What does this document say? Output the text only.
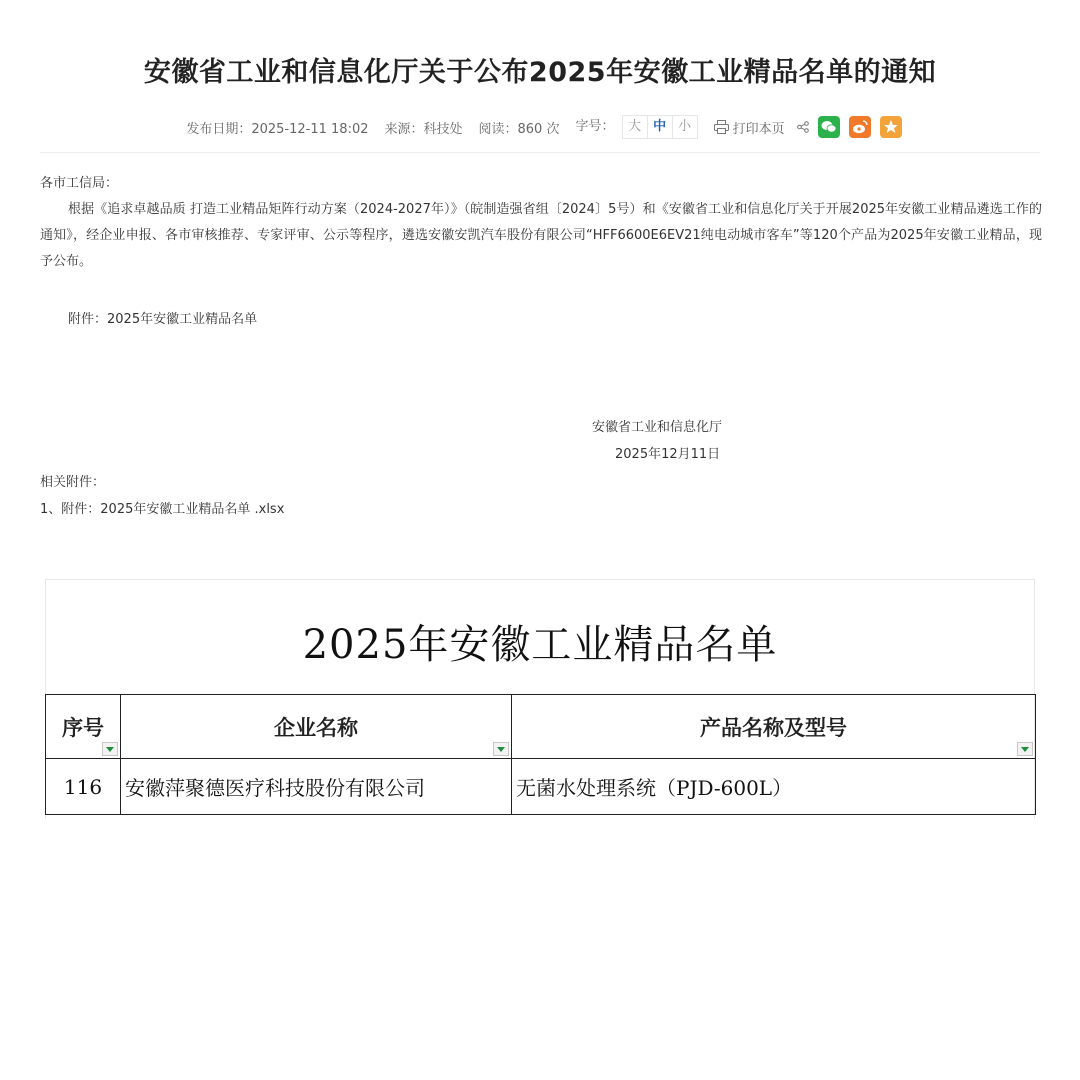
安徽省工业和信息化厅关于公布2025年安徽工业精品名单的通知
发布日期：2025-12-11 18:02 来源：科技处 阅读：860 次 字号：	大 中 小	打印本页
各市工信局：
根据《追求卓越品质 打造工业精品矩阵行动方案（2024-2027年）》（皖制造强省组〔2024〕5号）和《安徽省工业和信息化厅关于开展2025年安徽工业精品遴选工作的通知》，经企业申报、各市审核推荐、专家评审、公示等程序，遴选安徽安凯汽车股份有限公司“HFF6600E6EV21纯电动城市客车”等120个产品为2025年安徽工业精品，现予公布。
附件：2025年安徽工业精品名单
安徽省工业和信息化厅
2025年12月11日
相关附件：
1、附件：2025年安徽工业精品名单 .xlsx
2025年安徽工业精品名单
序号	企业名称	产品名称及型号

116	安徽萍聚德医疗科技股份有限公司	无菌水处理系统（PJD-600L）
